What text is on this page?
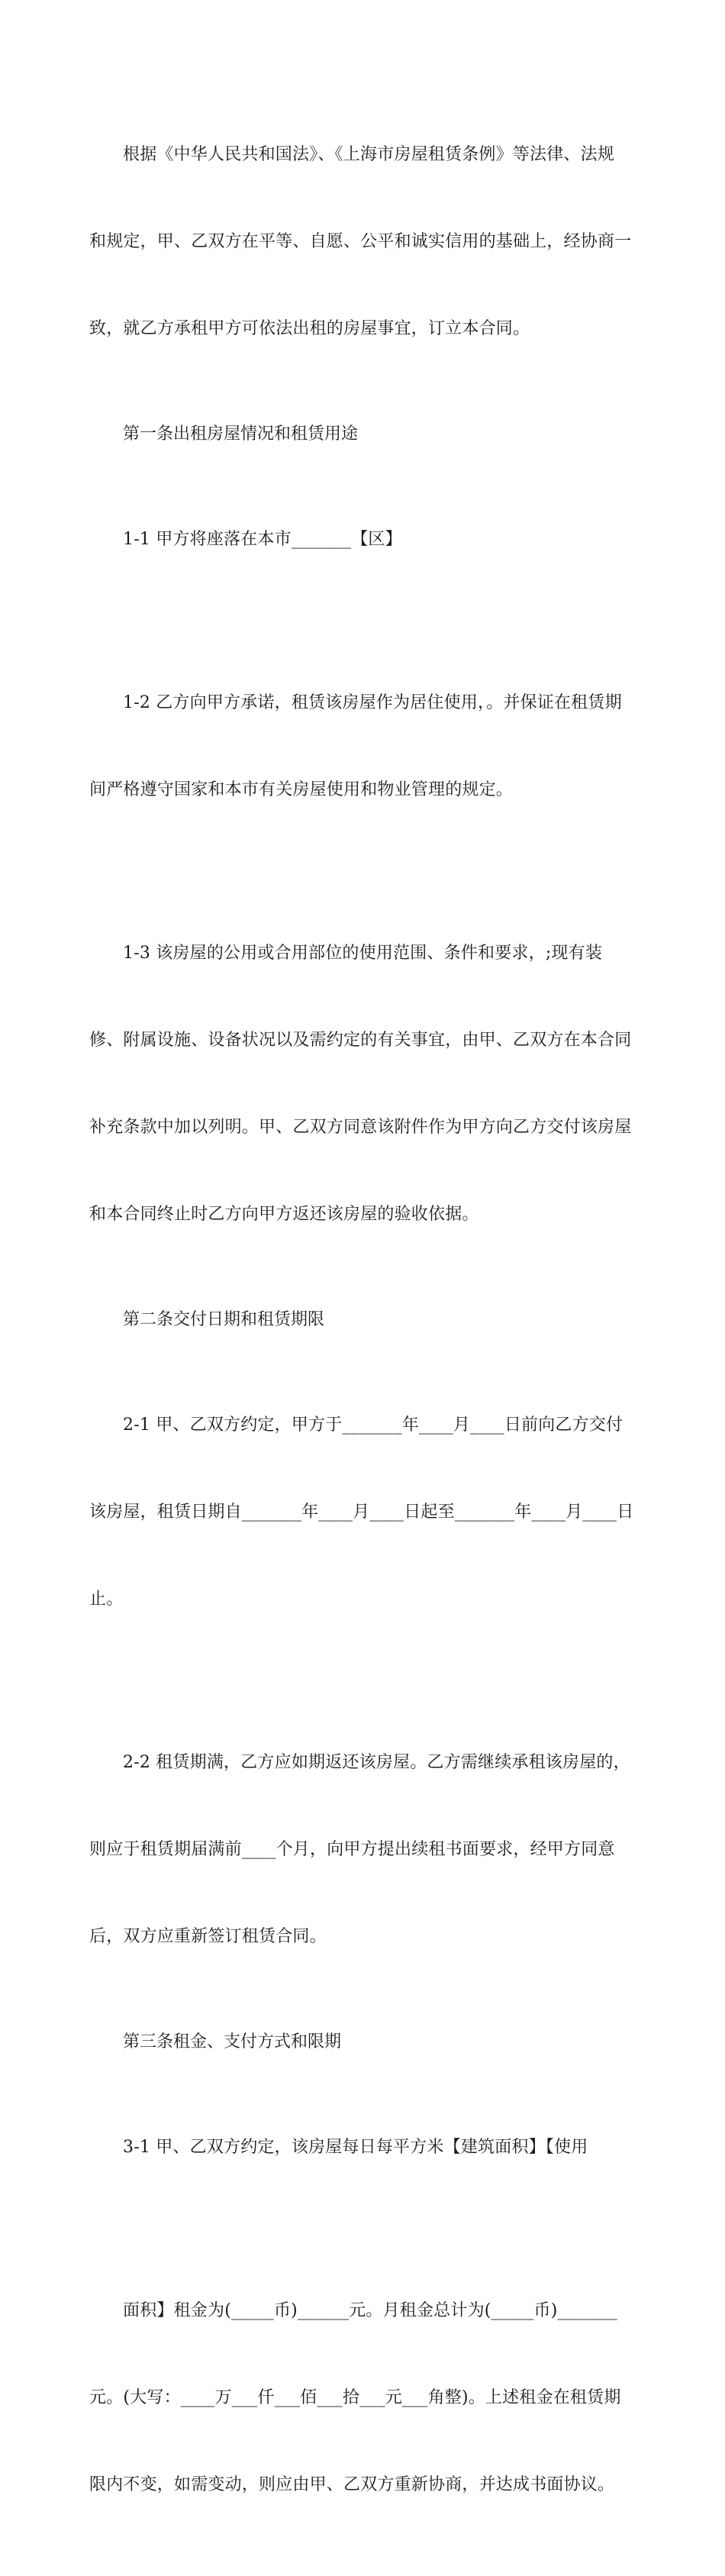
根据《中华人民共和国法》、《上海市房屋租赁条例》等法律、法规

和规定，甲、乙双方在平等、自愿、公平和诚实信用的基础上，经协商一

致，就乙方承租甲方可依法出租的房屋事宜，订立本合同。

第一条出租房屋情况和租赁用途

1-1 甲方将座落在本市_______【区】

1-2 乙方向甲方承诺，租赁该房屋作为居住使用，。并保证在租赁期

间严格遵守国家和本市有关房屋使用和物业管理的规定。

1-3 该房屋的公用或合用部位的使用范围、条件和要求，;现有装

修、附属设施、设备状况以及需约定的有关事宜，由甲、乙双方在本合同

补充条款中加以列明。甲、乙双方同意该附件作为甲方向乙方交付该房屋

和本合同终止时乙方向甲方返还该房屋的验收依据。

第二条交付日期和租赁期限

2-1 甲、乙双方约定，甲方于_______年____月____日前向乙方交付

该房屋，租赁日期自_______年____月____日起至_______年____月____日

止。

2-2 租赁期满，乙方应如期返还该房屋。乙方需继续承租该房屋的，

则应于租赁期届满前____个月，向甲方提出续租书面要求，经甲方同意

后，双方应重新签订租赁合同。

第三条租金、支付方式和限期

3-1 甲、乙双方约定，该房屋每日每平方米【建筑面积】【使用

面积】租金为(_____币)______元。月租金总计为(_____币)_______

元。(大写：____万___仟___佰___拾___元___角整)。上述租金在租赁期

限内不变，如需变动，则应由甲、乙双方重新协商，并达成书面协议。
